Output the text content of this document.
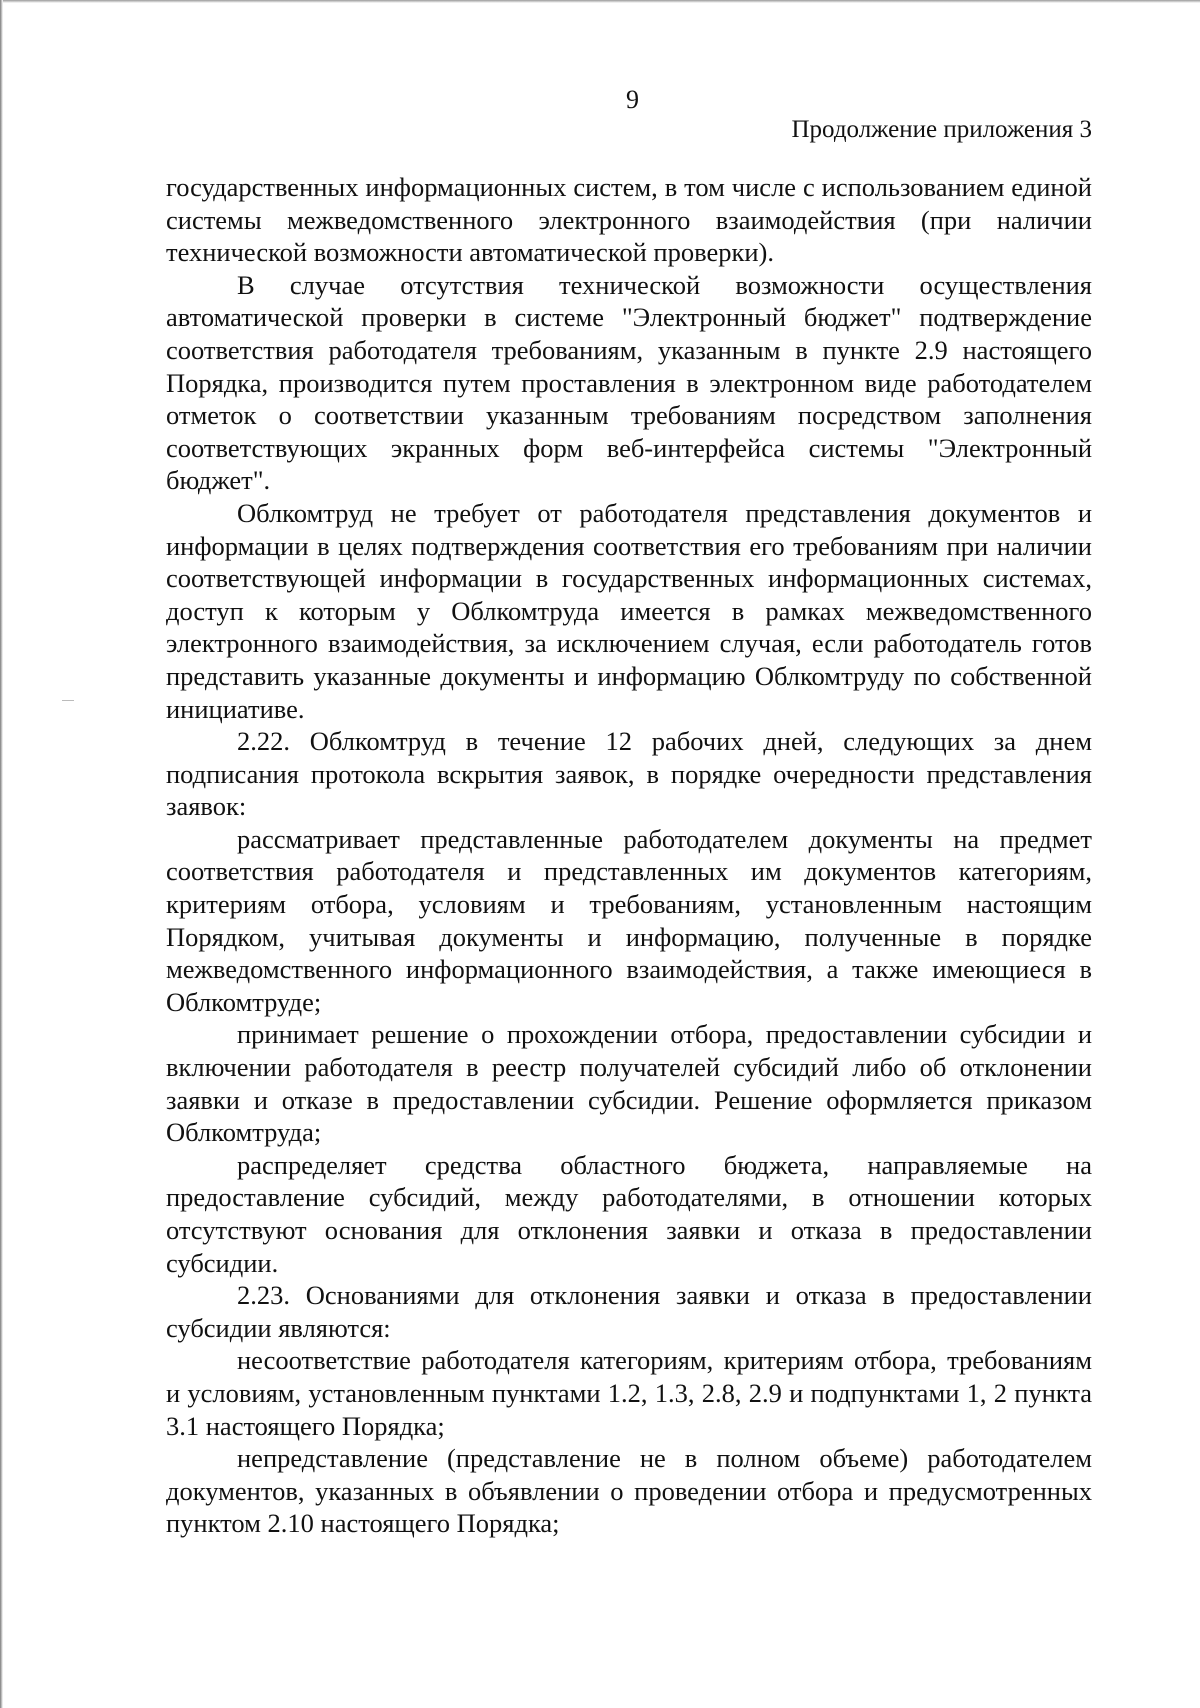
9
Продолжение приложения 3

государственных информационных систем, в том числе с использованием единой системы межведомственного электронного взаимодействия (при наличии технической возможности автоматической проверки).

В случае отсутствия технической возможности осуществления автоматической проверки в системе "Электронный бюджет" подтверждение соответствия работодателя требованиям, указанным в пункте 2.9 настоящего Порядка, производится путем проставления в электронном виде работодателем отметок о соответствии указанным требованиям посредством заполнения соответствующих экранных форм веб-интерфейса системы "Электронный бюджет".

Облкомтруд не требует от работодателя представления документов и информации в целях подтверждения соответствия его требованиям при наличии соответствующей информации в государственных информационных системах, доступ к которым у Облкомтруда имеется в рамках межведомственного электронного взаимодействия, за исключением случая, если работодатель готов представить указанные документы и информацию Облкомтруду по собственной инициативе.

2.22. Облкомтруд в течение 12 рабочих дней, следующих за днем подписания протокола вскрытия заявок, в порядке очередности представления заявок:

рассматривает представленные работодателем документы на предмет соответствия работодателя и представленных им документов категориям, критериям отбора, условиям и требованиям, установленным настоящим Порядком, учитывая документы и информацию, полученные в порядке межведомственного информационного взаимодействия, а также имеющиеся в Облкомтруде;

принимает решение о прохождении отбора, предоставлении субсидии и включении работодателя в реестр получателей субсидий либо об отклонении заявки и отказе в предоставлении субсидии. Решение оформляется приказом Облкомтруда;

распределяет средства областного бюджета, направляемые на предоставление субсидий, между работодателями, в отношении которых отсутствуют основания для отклонения заявки и отказа в предоставлении субсидии.

2.23. Основаниями для отклонения заявки и отказа в предоставлении субсидии являются:

несоответствие работодателя категориям, критериям отбора, требованиям и условиям, установленным пунктами 1.2, 1.3, 2.8, 2.9 и подпунктами 1, 2 пункта 3.1 настоящего Порядка;

непредставление (представление не в полном объеме) работодателем документов, указанных в объявлении о проведении отбора и предусмотренных пунктом 2.10 настоящего Порядка;
